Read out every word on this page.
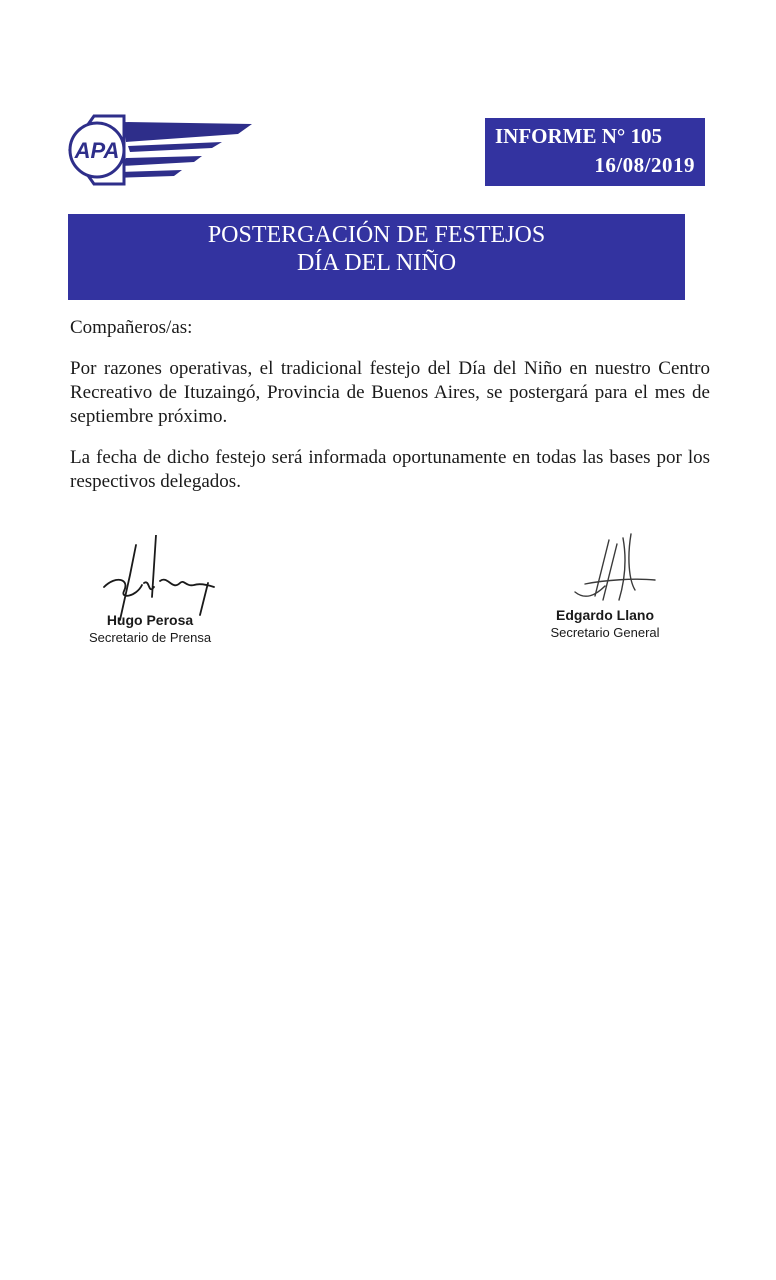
APA
INFORME N° 105
16/08/2019
POSTERGACIÓN DE FESTEJOS
DÍA DEL NIÑO

Compañeros/as:

Por razones operativas, el tradicional festejo del Día del Niño en nuestro Centro Recreativo de Ituzaingó, Provincia de Buenos Aires, se postergará para el mes de septiembre próximo.

La fecha de dicho festejo será informada oportunamente en todas las bases por los respectivos delegados.

Hugo Perosa
Secretario de Prensa
Edgardo Llano
Secretario General
